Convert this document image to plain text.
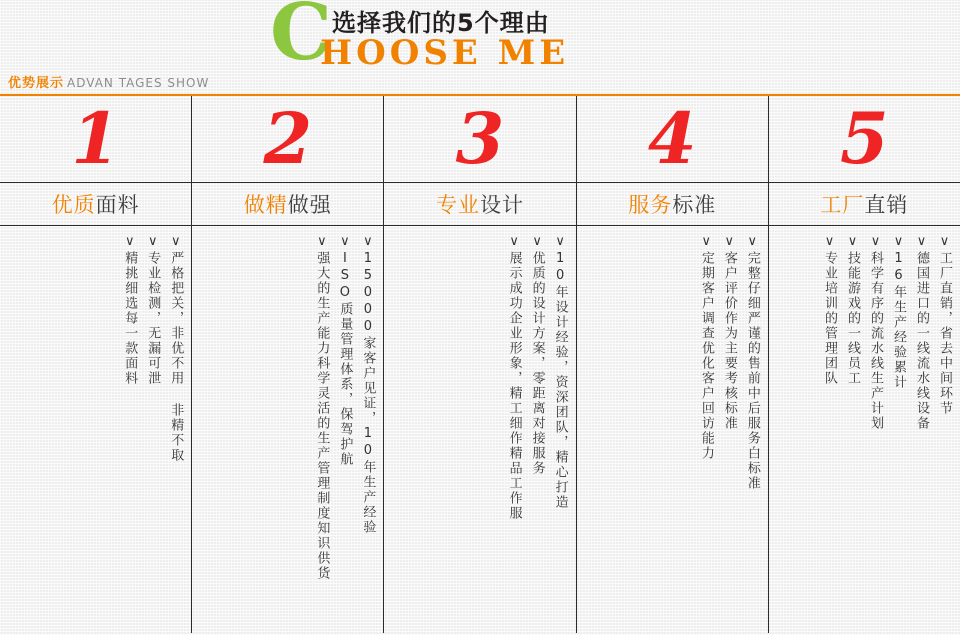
C 选择我们的5个理由
HOOSE ME
优势展示 ADVAN TAGES SHOW
1
优质 面料
∨严格把关，非优不用 非精不取
∨专业检测，无漏可泄
∨精挑细选每一款面料
2
做精 做强
∨15000家客户见证，10年生产经验
∨ISO质量管理体系，保驾护航
∨强大的生产能力科学灵活的生产管理制度知识供货
3
专业 设计
∨10年设计经验，资深团队，精心打造
∨优质的设计方案，零距离对接服务
∨展示成功企业形象，精工细作精品工作服
4
服务 标准
∨完整仔细严谨的售前中后服务白标准
∨客户评价作为主要考核标准
∨定期客户调查优化客户回访能力
5
工厂 直销
∨工厂直销，省去中间环节
∨德国进口的一线流水线设备
∨16年生产经验累计
∨科学有序的流水线生产计划
∨技能游戏的一线员工
∨专业培训的管理团队
